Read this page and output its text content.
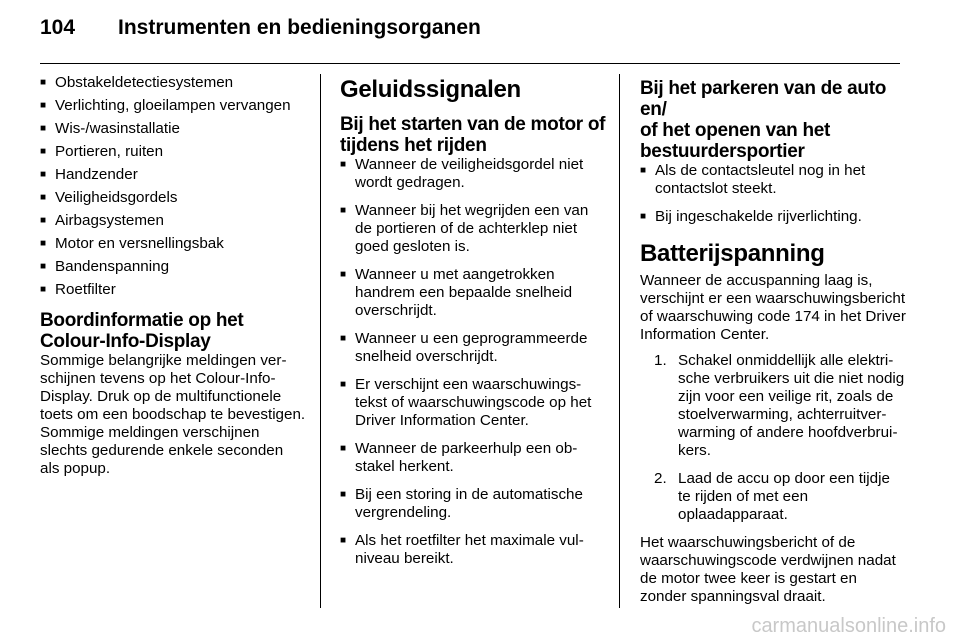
104 Instrumenten en bedieningsorganen
■ Obstakeldetectiesystemen
■ Verlichting, gloeilampen vervangen
■ Wis-/wasinstallatie
■ Portieren, ruiten
■ Handzender
■ Veiligheidsgordels
■ Airbagsystemen
■ Motor en versnellingsbak
■ Bandenspanning
■ Roetfilter
Boordinformatie op het
Colour-Info-Display

Sommige belangrijke meldingen verschijnen tevens op het Colour-Info-Display. Druk op de multifunctionele toets om een boodschap te bevestigen. Sommige meldingen verschijnen slechts gedurende enkele seconden als popup.

Geluidssignalen
Bij het starten van de motor of
tijdens het rijden
■ Wanneer de veiligheidsgordel niet wordt gedragen.
■ Wanneer bij het wegrijden een van de portieren of de achterklep niet goed gesloten is.
■ Wanneer u met aangetrokken handrem een bepaalde snelheid overschrijdt.
■ Wanneer u een geprogrammeerde snelheid overschrijdt.
■ Er verschijnt een waarschuwingstekst of waarschuwingscode op het Driver Information Center.
■ Wanneer de parkeerhulp een obstakel herkent.
■ Bij een storing in de automatische vergrendeling.
■ Als het roetfilter het maximale vulniveau bereikt.
Bij het parkeren van de auto en/
of het openen van het
bestuurdersportier
■ Als de contactsleutel nog in het contactslot steekt.
■ Bij ingeschakelde rijverlichting.
Batterijspanning

Wanneer de accuspanning laag is, verschijnt er een waarschuwingsbericht of waarschuwing code 174 in het Driver Information Center.

1. Schakel onmiddellijk alle elektrische verbruikers uit die niet nodig zijn voor een veilige rit, zoals de stoelverwarming, achterruitverwarming of andere hoofdverbruikers.
2. Laad de accu op door een tijdje te rijden of met een oplaadapparaat.

Het waarschuwingsbericht of de waarschuwingscode verdwijnen nadat de motor twee keer is gestart en zonder spanningsval draait.

carmanualsonline.info
